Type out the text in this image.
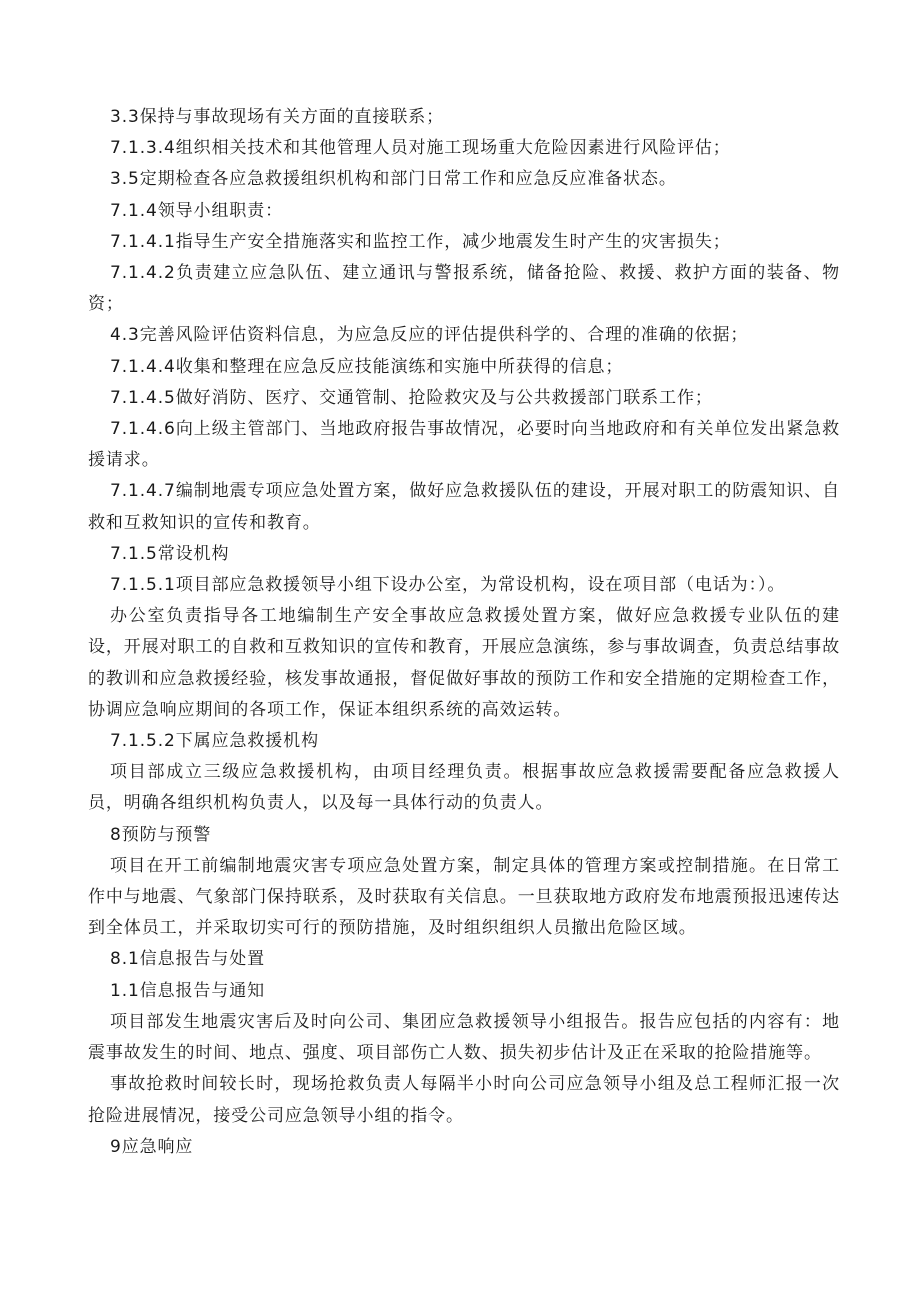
3.3保持与事故现场有关方面的直接联系；

7.1.3.4组织相关技术和其他管理人员对施工现场重大危险因素进行风险评估；

3.5定期检查各应急救援组织机构和部门日常工作和应急反应准备状态。

7.1.4领导小组职责：

7.1.4.1指导生产安全措施落实和监控工作，减少地震发生时产生的灾害损失；

7.1.4.2负责建立应急队伍、建立通讯与警报系统，储备抢险、救援、救护方面的装备、物资；

4.3完善风险评估资料信息，为应急反应的评估提供科学的、合理的准确的依据；

7.1.4.4收集和整理在应急反应技能演练和实施中所获得的信息；

7.1.4.5做好消防、医疗、交通管制、抢险救灾及与公共救援部门联系工作；

7.1.4.6向上级主管部门、当地政府报告事故情况，必要时向当地政府和有关单位发出紧急救援请求。

7.1.4.7编制地震专项应急处置方案，做好应急救援队伍的建设，开展对职工的防震知识、自救和互救知识的宣传和教育。

7.1.5常设机构

7.1.5.1项目部应急救援领导小组下设办公室，为常设机构，设在项目部（电话为：）。

办公室负责指导各工地编制生产安全事故应急救援处置方案，做好应急救援专业队伍的建设，开展对职工的自救和互救知识的宣传和教育，开展应急演练，参与事故调查，负责总结事故的教训和应急救援经验，核发事故通报，督促做好事故的预防工作和安全措施的定期检查工作，协调应急响应期间的各项工作，保证本组织系统的高效运转。

7.1.5.2下属应急救援机构

项目部成立三级应急救援机构，由项目经理负责。根据事故应急救援需要配备应急救援人员，明确各组织机构负责人，以及每一具体行动的负责人。

8预防与预警

项目在开工前编制地震灾害专项应急处置方案，制定具体的管理方案或控制措施。在日常工作中与地震、气象部门保持联系，及时获取有关信息。一旦获取地方政府发布地震预报迅速传达到全体员工，并采取切实可行的预防措施，及时组织组织人员撤出危险区域。

8.1信息报告与处置

1.1信息报告与通知

项目部发生地震灾害后及时向公司、集团应急救援领导小组报告。报告应包括的内容有：地震事故发生的时间、地点、强度、项目部伤亡人数、损失初步估计及正在采取的抢险措施等。

事故抢救时间较长时，现场抢救负责人每隔半小时向公司应急领导小组及总工程师汇报一次抢险进展情况，接受公司应急领导小组的指令。

9应急响应
